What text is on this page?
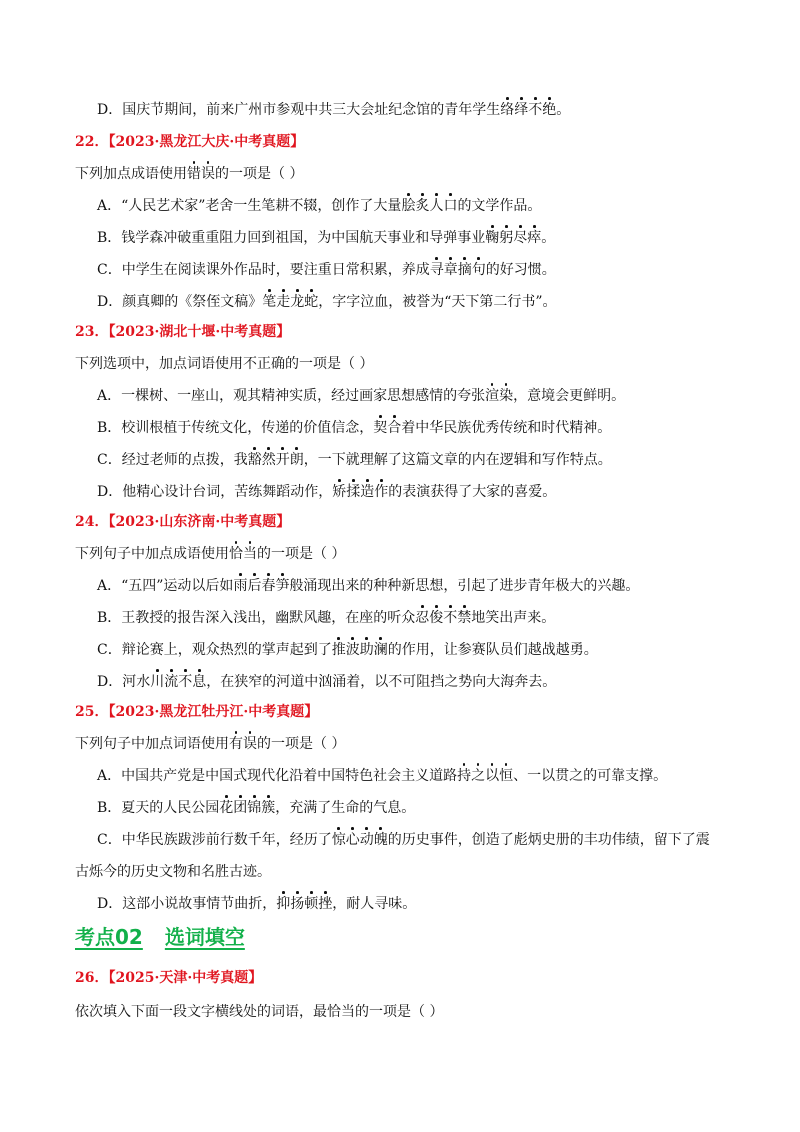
D．国庆节期间，前来广州市参观中共三大会址纪念馆的青年学生络绎不绝。
22．【2023·黑龙江大庆·中考真题】
下列加点成语使用错误的一项是（ ）
A．“人民艺术家”老舍一生笔耕不辍，创作了大量脍炙人口的文学作品。
B．钱学森冲破重重阻力回到祖国，为中国航天事业和导弹事业鞠躬尽瘁。
C．中学生在阅读课外作品时，要注重日常积累，养成寻章摘句的好习惯。
D．颜真卿的《祭侄文稿》笔走龙蛇，字字泣血，被誉为“天下第二行书”。
23．【2023·湖北十堰·中考真题】
下列选项中，加点词语使用不正确的一项是（ ）
A．一棵树、一座山，观其精神实质，经过画家思想感情的夸张渲染，意境会更鲜明。
B．校训根植于传统文化，传递的价值信念，契合着中华民族优秀传统和时代精神。
C．经过老师的点拨，我豁然开朗，一下就理解了这篇文章的内在逻辑和写作特点。
D．他精心设计台词，苦练舞蹈动作，矫揉造作的表演获得了大家的喜爱。
24．【2023·山东济南·中考真题】
下列句子中加点成语使用恰当的一项是（ ）
A．“五四”运动以后如雨后春笋般涌现出来的种种新思想，引起了进步青年极大的兴趣。
B．王教授的报告深入浅出，幽默风趣，在座的听众忍俊不禁地笑出声来。
C．辩论赛上，观众热烈的掌声起到了推波助澜的作用，让参赛队员们越战越勇。
D．河水川流不息，在狭窄的河道中汹涌着，以不可阻挡之势向大海奔去。
25．【2023·黑龙江牡丹江·中考真题】
下列句子中加点词语使用有误的一项是（ ）
A．中国共产党是中国式现代化沿着中国特色社会主义道路持之以恒、一以贯之的可靠支撑。
B．夏天的人民公园花团锦簇，充满了生命的气息。
C．中华民族跋涉前行数千年，经历了惊心动魄的历史事件，创造了彪炳史册的丰功伟绩，留下了震
古烁今的历史文物和名胜古迹。
D．这部小说故事情节曲折，抑扬顿挫，耐人寻味。
考点02 选词填空
26．【2025·天津·中考真题】
依次填入下面一段文字横线处的词语，最恰当的一项是（ ）
